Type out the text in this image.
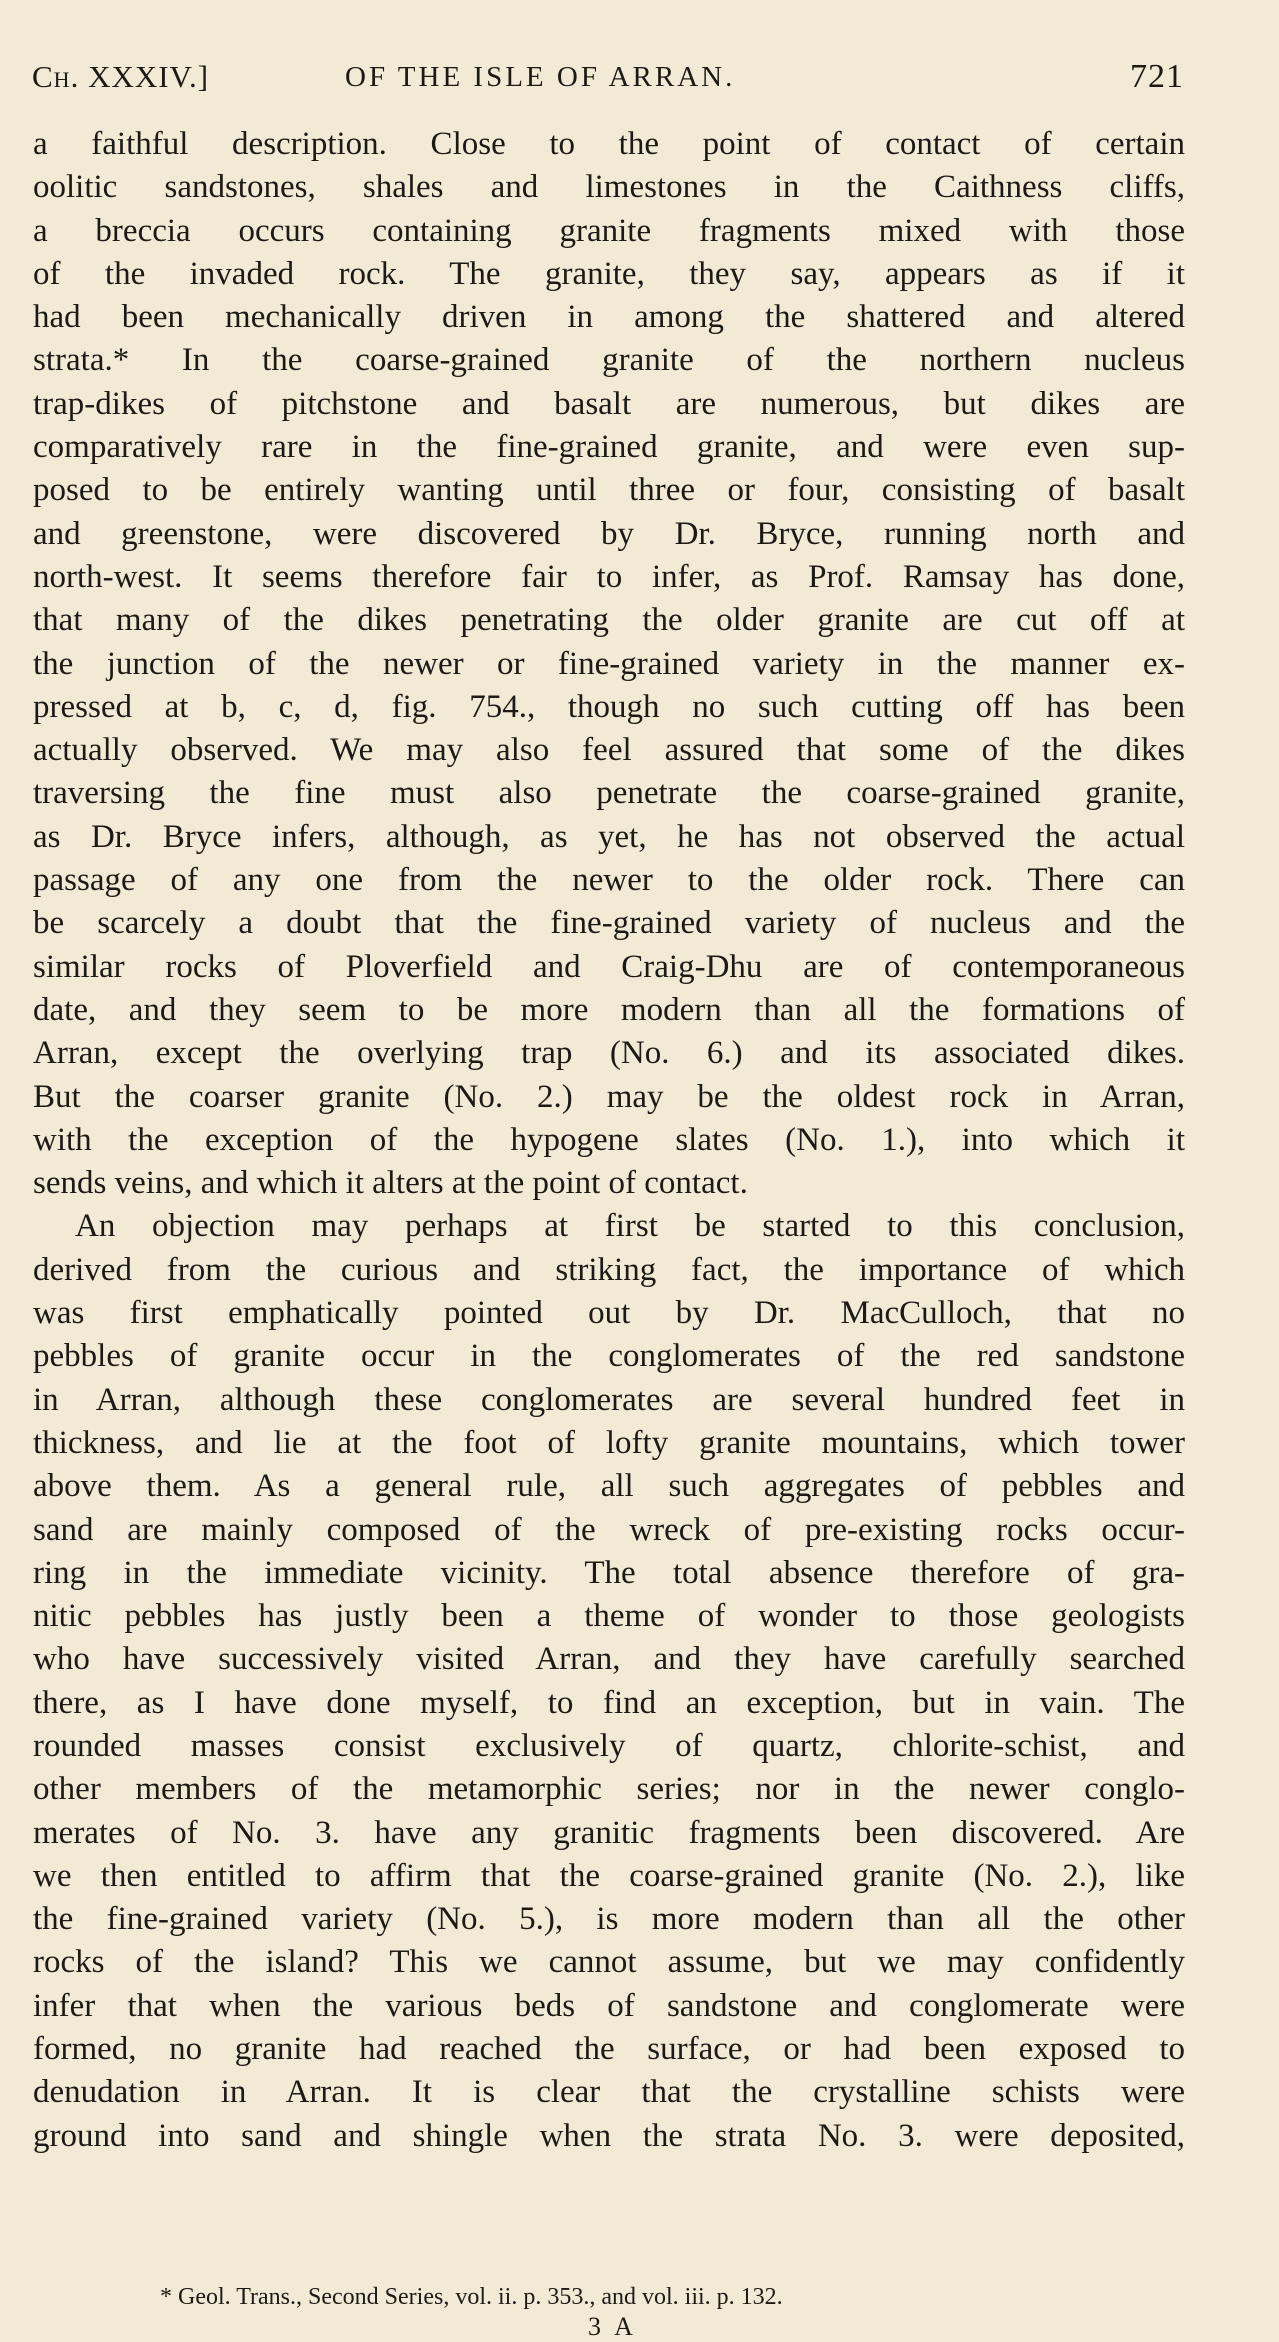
Ch. XXXIV.]	OF THE ISLE OF ARRAN.	721
a faithful description. Close to the point of contact of certain
oolitic sandstones, shales and limestones in the Caithness cliffs,
a breccia occurs containing granite fragments mixed with those
of the invaded rock. The granite, they say, appears as if it
had been mechanically driven in among the shattered and altered
strata.* In the coarse-grained granite of the northern nucleus
trap-dikes of pitchstone and basalt are numerous, but dikes are
comparatively rare in the fine-grained granite, and were even sup-
posed to be entirely wanting until three or four, consisting of basalt
and greenstone, were discovered by Dr. Bryce, running north and
north-west. It seems therefore fair to infer, as Prof. Ramsay has done,
that many of the dikes penetrating the older granite are cut off at
the junction of the newer or fine-grained variety in the manner ex-
pressed at b, c, d, fig. 754., though no such cutting off has been
actually observed. We may also feel assured that some of the dikes
traversing the fine must also penetrate the coarse-grained granite,
as Dr. Bryce infers, although, as yet, he has not observed the actual
passage of any one from the newer to the older rock. There can
be scarcely a doubt that the fine-grained variety of nucleus and the
similar rocks of Ploverfield and Craig-Dhu are of contemporaneous
date, and they seem to be more modern than all the formations of
Arran, except the overlying trap (No. 6.) and its associated dikes.
But the coarser granite (No. 2.) may be the oldest rock in Arran,
with the exception of the hypogene slates (No. 1.), into which it
sends veins, and which it alters at the point of contact.
An objection may perhaps at first be started to this conclusion,
derived from the curious and striking fact, the importance of which
was first emphatically pointed out by Dr. MacCulloch, that no
pebbles of granite occur in the conglomerates of the red sandstone
in Arran, although these conglomerates are several hundred feet in
thickness, and lie at the foot of lofty granite mountains, which tower
above them. As a general rule, all such aggregates of pebbles and
sand are mainly composed of the wreck of pre-existing rocks occur-
ring in the immediate vicinity. The total absence therefore of gra-
nitic pebbles has justly been a theme of wonder to those geologists
who have successively visited Arran, and they have carefully searched
there, as I have done myself, to find an exception, but in vain. The
rounded masses consist exclusively of quartz, chlorite-schist, and
other members of the metamorphic series; nor in the newer conglo-
merates of No. 3. have any granitic fragments been discovered. Are
we then entitled to affirm that the coarse-grained granite (No. 2.), like
the fine-grained variety (No. 5.), is more modern than all the other
rocks of the island? This we cannot assume, but we may confidently
infer that when the various beds of sandstone and conglomerate were
formed, no granite had reached the surface, or had been exposed to
denudation in Arran. It is clear that the crystalline schists were
ground into sand and shingle when the strata No. 3. were deposited,
* Geol. Trans., Second Series, vol. ii. p. 353., and vol. iii. p. 132.
3 A
